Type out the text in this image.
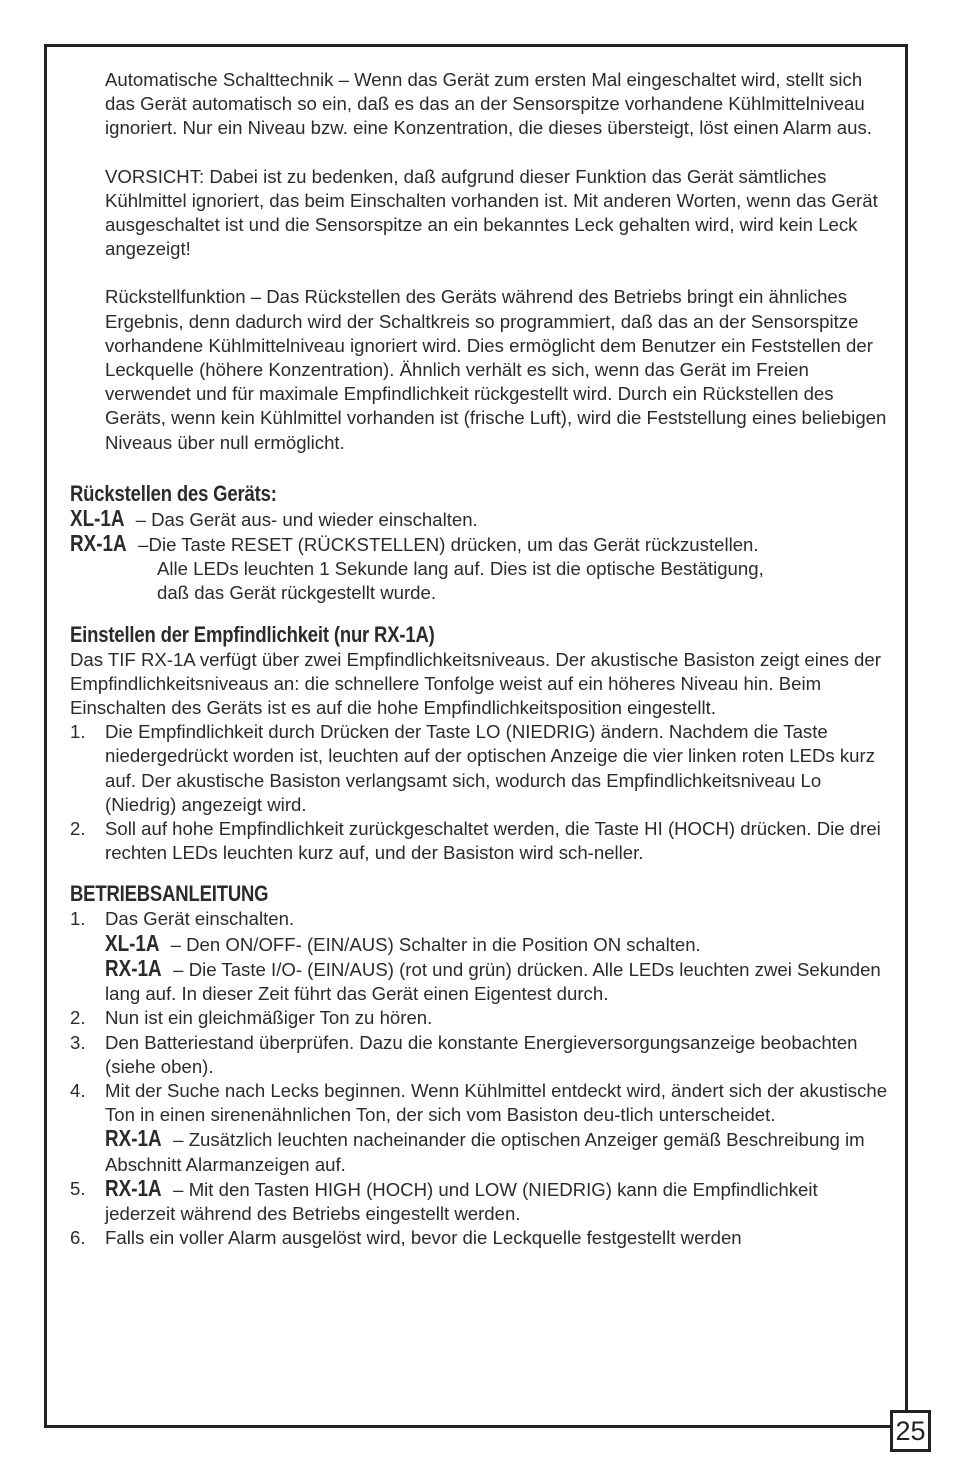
Automatische Schalttechnik – Wenn das Gerät zum ersten Mal eingeschaltet wird, stellt sich das Gerät automatisch so ein, daß es das an der Sensorspitze vorhandene Kühlmittelniveau ignoriert. Nur ein Niveau bzw. eine Konzentration, die dieses übersteigt, löst einen Alarm aus.

VORSICHT: Dabei ist zu bedenken, daß aufgrund dieser Funktion das Gerät sämtliches Kühlmittel ignoriert, das beim Einschalten vorhanden ist. Mit anderen Worten, wenn das Gerät ausgeschaltet ist und die Sensorspitze an ein bekanntes Leck gehalten wird, wird kein Leck angezeigt!

Rückstellfunktion – Das Rückstellen des Geräts während des Betriebs bringt ein ähnliches Ergebnis, denn dadurch wird der Schaltkreis so programmiert, daß das an der Sensorspitze vorhandene Kühlmittelniveau ignoriert wird. Dies ermöglicht dem Benutzer ein Feststellen der Leckquelle (höhere Konzentration). Ähnlich verhält es sich, wenn das Gerät im Freien verwendet und für maximale Empfindlichkeit rückgestellt wird. Durch ein Rückstellen des Geräts, wenn kein Kühlmittel vorhanden ist (frische Luft), wird die Feststellung eines beliebigen Niveaus über null ermöglicht.

Rückstellen des Geräts:

XL-1A – Das Gerät aus- und wieder einschalten.

RX-1A –Die Taste RESET (RÜCKSTELLEN) drücken, um das Gerät rückzustellen.

Alle LEDs leuchten 1 Sekunde lang auf. Dies ist die optische Bestätigung,

daß das Gerät rückgestellt wurde.

Einstellen der Empfindlichkeit (nur RX-1A)

Das TIF RX-1A verfügt über zwei Empfindlichkeitsniveaus. Der akustische Basiston zeigt eines der Empfindlichkeitsniveaus an: die schnellere Tonfolge weist auf ein höheres Niveau hin. Beim Einschalten des Geräts ist es auf die hohe Empfindlichkeitsposition eingestellt.

1.	Die Empfindlichkeit durch Drücken der Taste LO (NIEDRIG) ändern. Nachdem die Taste niedergedrückt worden ist, leuchten auf der optischen Anzeige die vier linken roten LEDs kurz auf. Der akustische Basiston verlangsamt sich, wodurch das Empfindlichkeitsniveau Lo (Niedrig) angezeigt wird.
2.	Soll auf hohe Empfindlichkeit zurückgeschaltet werden, die Taste HI (HOCH) drücken. Die drei rechten LEDs leuchten kurz auf, und der Basiston wird sch-neller.

BETRIEBSANLEITUNG

1.	Das Gerät einschalten.

XL-1A – Den ON/OFF- (EIN/AUS) Schalter in die Position ON schalten.

RX-1A – Die Taste I/O- (EIN/AUS) (rot und grün) drücken. Alle LEDs leuchten zwei Sekunden lang auf. In dieser Zeit führt das Gerät einen Eigentest durch.

2.	Nun ist ein gleichmäßiger Ton zu hören.
3.	Den Batteriestand überprüfen. Dazu die konstante Energieversorgungsanzeige beobachten (siehe oben).
4.	Mit der Suche nach Lecks beginnen. Wenn Kühlmittel entdeckt wird, ändert sich der akustische Ton in einen sirenenähnlichen Ton, der sich vom Basiston deu-tlich unterscheidet.

RX-1A – Zusätzlich leuchten nacheinander die optischen Anzeiger gemäß Beschreibung im Abschnitt Alarmanzeigen auf.

5. RX-1A – Mit den Tasten HIGH (HOCH) und LOW (NIEDRIG) kann die Empfindlichkeit jederzeit während des Betriebs eingestellt werden.

6.	Falls ein voller Alarm ausgelöst wird, bevor die Leckquelle festgestellt werden
25
